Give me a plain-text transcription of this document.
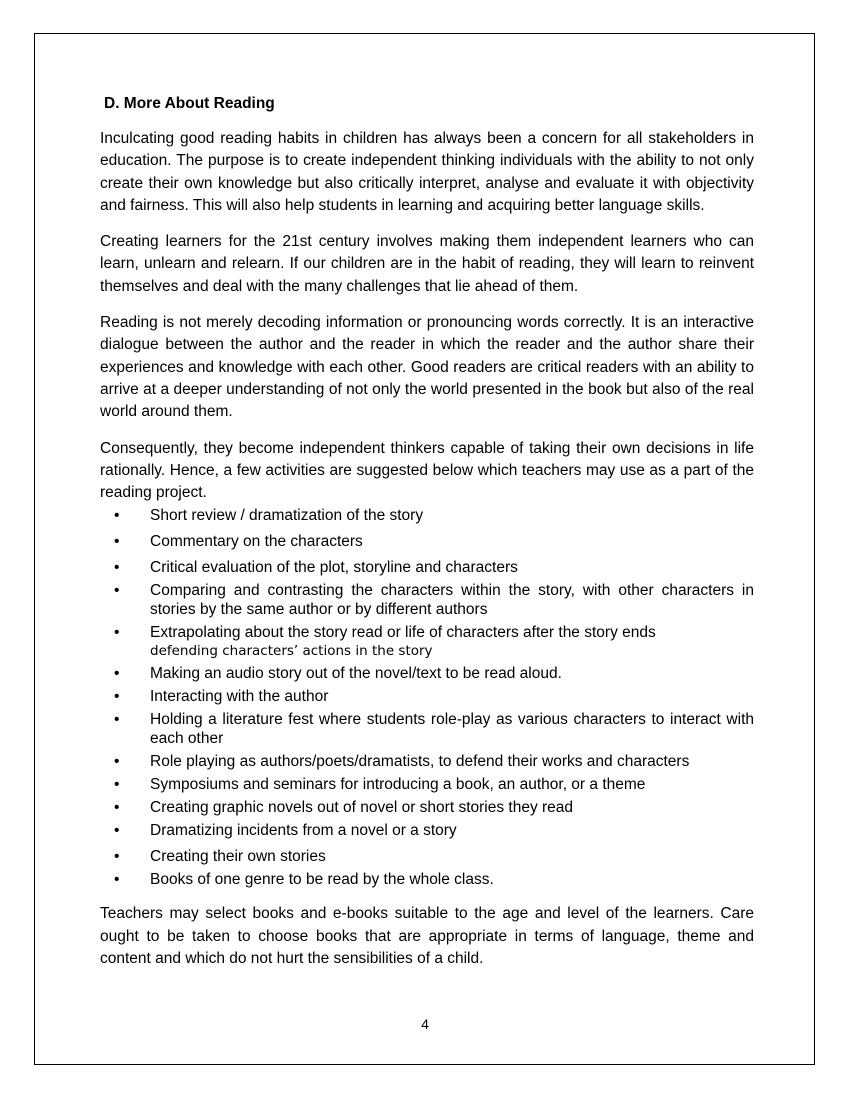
D. More About Reading

Inculcating good reading habits in children has always been a concern for all stakeholders in education. The purpose is to create independent thinking individuals with the ability to not only create their own knowledge but also critically interpret, analyse and evaluate it with objectivity and fairness. This will also help students in learning and acquiring better language skills.

Creating learners for the 21st century involves making them independent learners who can learn, unlearn and relearn. If our children are in the habit of reading, they will learn to reinvent themselves and deal with the many challenges that lie ahead of them.

Reading is not merely decoding information or pronouncing words correctly. It is an interactive dialogue between the author and the reader in which the reader and the author share their experiences and knowledge with each other. Good readers are critical readers with an ability to arrive at a deeper understanding of not only the world presented in the book but also of the real world around them.

Consequently, they become independent thinkers capable of taking their own decisions in life rationally. Hence, a few activities are suggested below which teachers may use as a part of the reading project.

• Short review / dramatization of the story
• Commentary on the characters
• Critical evaluation of the plot, storyline and characters
• Comparing and contrasting the characters within the story, with other characters in stories by the same author or by different authors
• Extrapolating about the story read or life of characters after the story ends
defending characters’ actions in the story
• Making an audio story out of the novel/text to be read aloud.
• Interacting with the author
• Holding a literature fest where students role-play as various characters to interact with each other
• Role playing as authors/poets/dramatists, to defend their works and characters
• Symposiums and seminars for introducing a book, an author, or a theme
• Creating graphic novels out of novel or short stories they read
• Dramatizing incidents from a novel or a story
• Creating their own stories
• Books of one genre to be read by the whole class.

Teachers may select books and e-books suitable to the age and level of the learners. Care ought to be taken to choose books that are appropriate in terms of language, theme and content and which do not hurt the sensibilities of a child.

4
